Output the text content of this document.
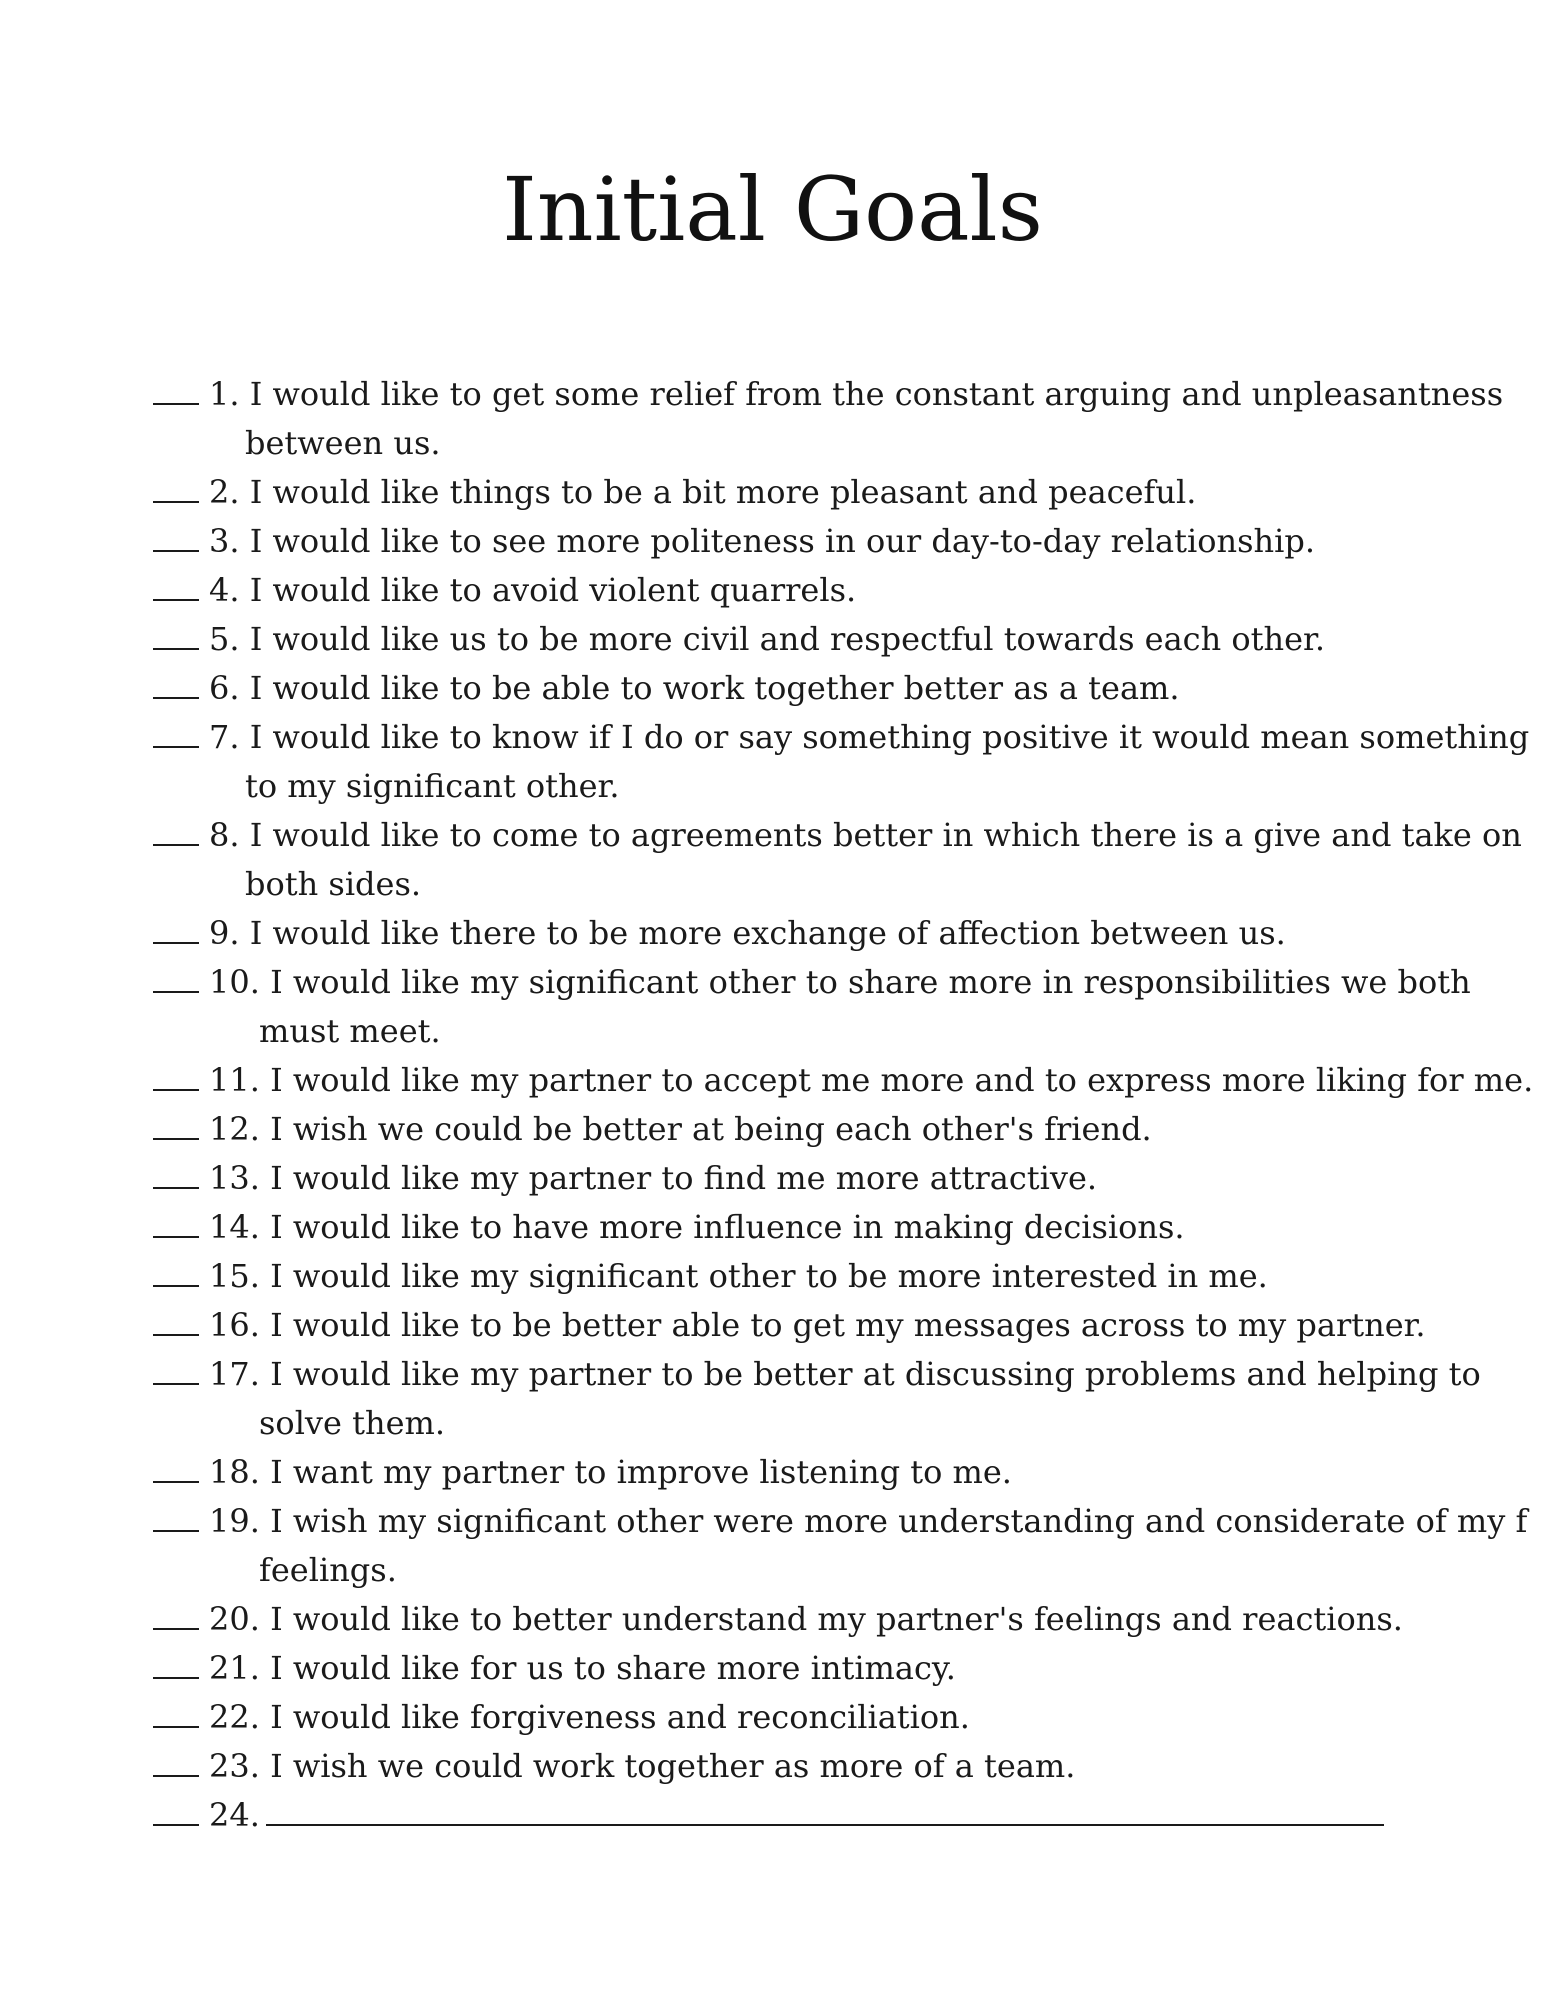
Initial Goals
1. I would like to get some relief from the constant arguing and unpleasantness
between us.
2. I would like things to be a bit more pleasant and peaceful.
3. I would like to see more politeness in our day-to-day relationship.
4. I would like to avoid violent quarrels.
5. I would like us to be more civil and respectful towards each other.
6. I would like to be able to work together better as a team.
7. I would like to know if I do or say something positive it would mean something
to my significant other.
8. I would like to come to agreements better in which there is a give and take on
both sides.
9. I would like there to be more exchange of affection between us.
10. I would like my significant other to share more in responsibilities we both
must meet.
11. I would like my partner to accept me more and to express more liking for me.
12. I wish we could be better at being each other's friend.
13. I would like my partner to find me more attractive.
14. I would like to have more influence in making decisions.
15. I would like my significant other to be more interested in me.
16. I would like to be better able to get my messages across to my partner.
17. I would like my partner to be better at discussing problems and helping to
solve them.
18. I want my partner to improve listening to me.
19. I wish my significant other were more understanding and considerate of my f
feelings.
20. I would like to better understand my partner's feelings and reactions.
21. I would like for us to share more intimacy.
22. I would like forgiveness and reconciliation.
23. I wish we could work together as more of a team.
24.
